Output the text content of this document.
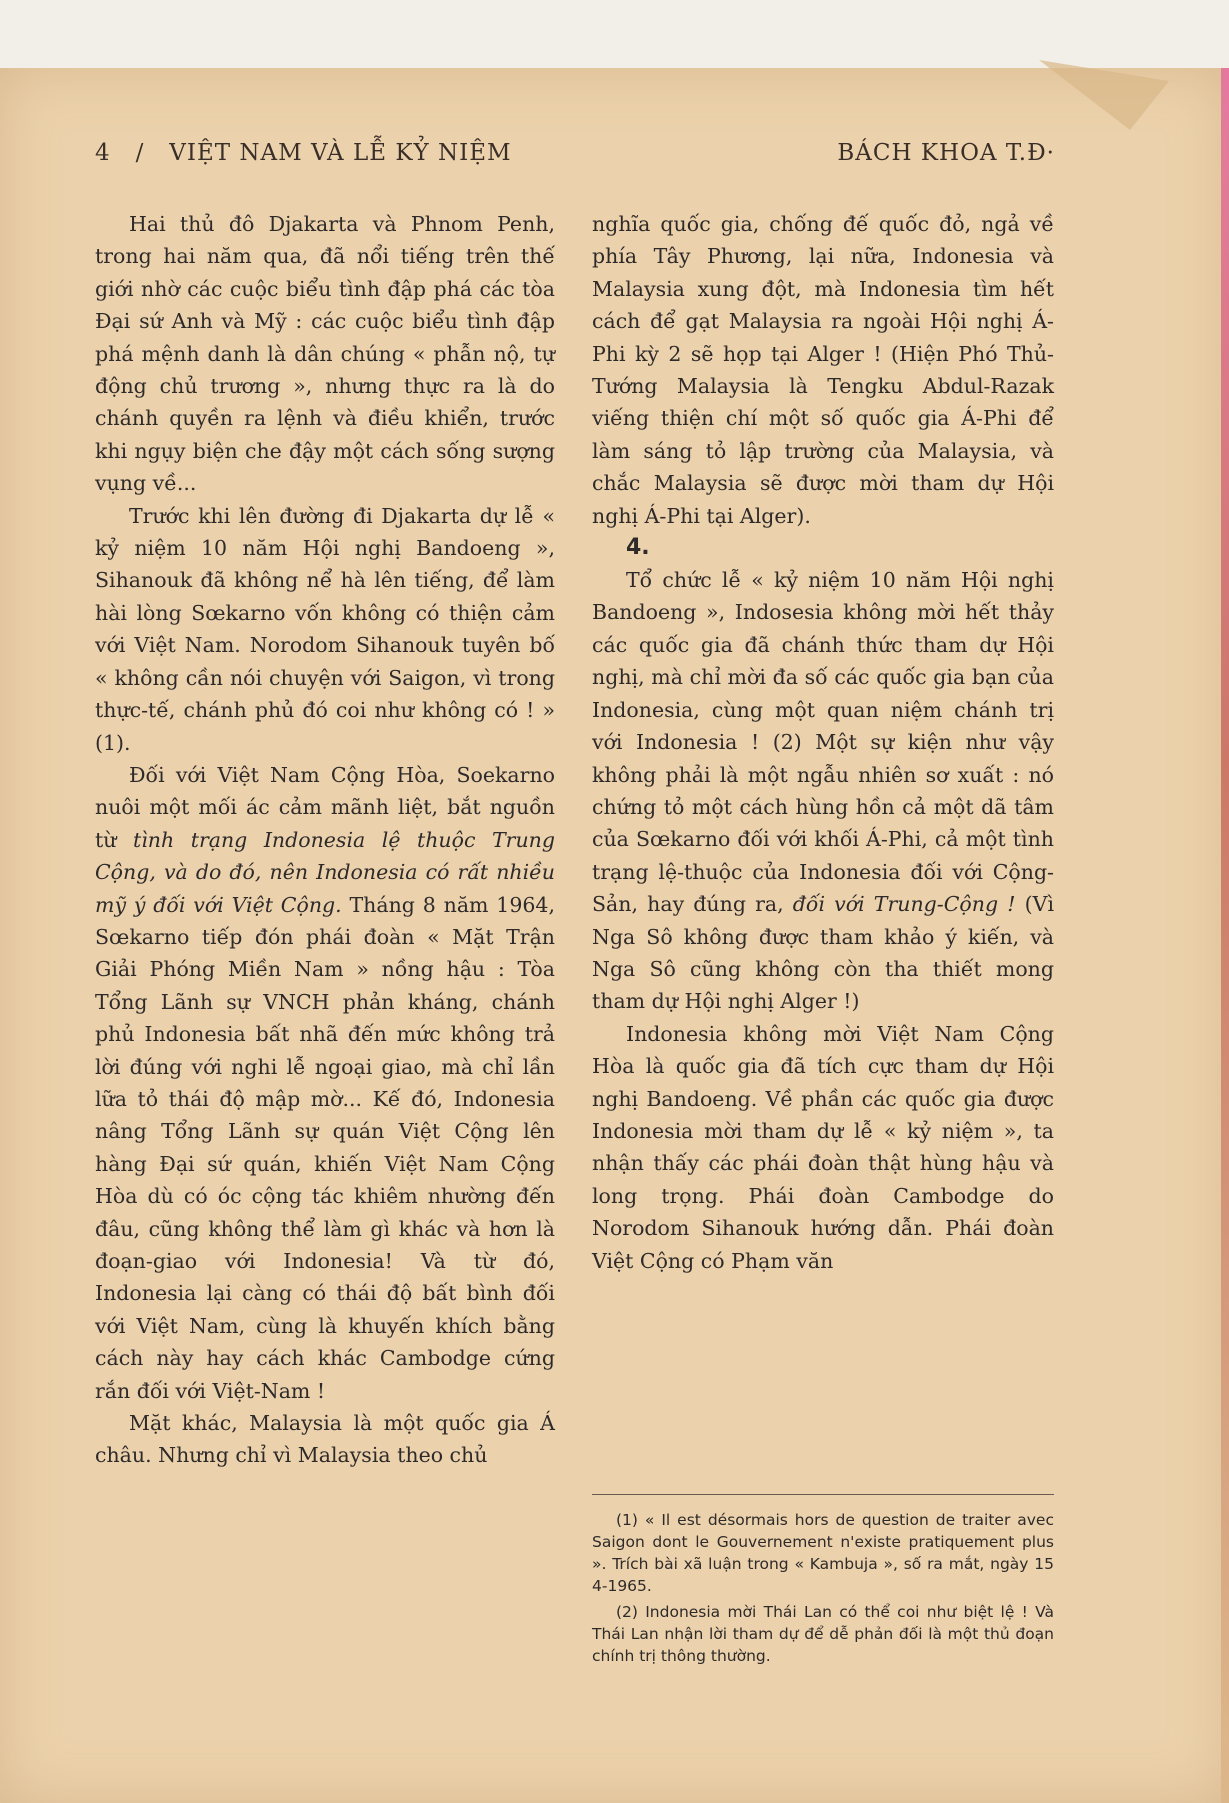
4 / VIỆT NAM VÀ LỄ KỶ NIỆM	BÁCH KHOA T.Đ·

Hai thủ đô Djakarta và Phnom Penh, trong hai năm qua, đã nổi tiếng trên thế giới nhờ các cuộc biểu tình đập phá các tòa Đại sứ Anh và Mỹ : các cuộc biểu tình đập phá mệnh danh là dân chúng « phẫn nộ, tự động chủ trương », nhưng thực ra là do chánh quyền ra lệnh và điều khiển, trước khi ngụy biện che đậy một cách sống sượng vụng về...

Trước khi lên đường đi Djakarta dự lễ « kỷ niệm 10 năm Hội nghị Bandoeng », Sihanouk đã không nể hà lên tiếng, để làm hài lòng Sœkarno vốn không có thiện cảm với Việt Nam. Norodom Sihanouk tuyên bố « không cần nói chuyện với Saigon, vì trong thực-tế, chánh phủ đó coi như không có ! » (1).

Đối với Việt Nam Cộng Hòa, Soekarno nuôi một mối ác cảm mãnh liệt, bắt nguồn từ tình trạng Indonesia lệ thuộc Trung Cộng, và do đó, nên Indonesia có rất nhiều mỹ ý đối với Việt Cộng. Tháng 8 năm 1964, Sœkarno tiếp đón phái đoàn « Mặt Trận Giải Phóng Miền Nam » nồng hậu : Tòa Tổng Lãnh sự VNCH phản kháng, chánh phủ Indonesia bất nhã đến mức không trả lời đúng với nghi lễ ngoại giao, mà chỉ lần lữa tỏ thái độ mập mờ... Kế đó, Indonesia nâng Tổng Lãnh sự quán Việt Cộng lên hàng Đại sứ quán, khiến Việt Nam Cộng Hòa dù có óc cộng tác khiêm nhường đến đâu, cũng không thể làm gì khác và hơn là đoạn-giao với Indonesia! Và từ đó, Indonesia lại càng có thái độ bất bình đối với Việt Nam, cùng là khuyến khích bằng cách này hay cách khác Cambodge cứng rắn đối với Việt-Nam !

Mặt khác, Malaysia là một quốc gia Á châu. Nhưng chỉ vì Malaysia theo chủ

nghĩa quốc gia, chống đế quốc đỏ, ngả về phía Tây Phương, lại nữa, Indonesia và Malaysia xung đột, mà Indonesia tìm hết cách để gạt Malaysia ra ngoài Hội nghị Á-Phi kỳ 2 sẽ họp tại Alger ! (Hiện Phó Thủ-Tướng Malaysia là Tengku Abdul-Razak viếng thiện chí một số quốc gia Á-Phi để làm sáng tỏ lập trường của Malaysia, và chắc Malaysia sẽ được mời tham dự Hội nghị Á-Phi tại Alger).

4.

Tổ chức lễ « kỷ niệm 10 năm Hội nghị Bandoeng », Indosesia không mời hết thảy các quốc gia đã chánh thức tham dự Hội nghị, mà chỉ mời đa số các quốc gia bạn của Indonesia, cùng một quan niệm chánh trị với Indonesia ! (2) Một sự kiện như vậy không phải là một ngẫu nhiên sơ xuất : nó chứng tỏ một cách hùng hồn cả một dã tâm của Sœkarno đối với khối Á-Phi, cả một tình trạng lệ-thuộc của Indonesia đối với Cộng-Sản, hay đúng ra, đối với Trung-Cộng ! (Vì Nga Sô không được tham khảo ý kiến, và Nga Sô cũng không còn tha thiết mong tham dự Hội nghị Alger !)

Indonesia không mời Việt Nam Cộng Hòa là quốc gia đã tích cực tham dự Hội nghị Bandoeng. Về phần các quốc gia được Indonesia mời tham dự lễ « kỷ niệm », ta nhận thấy các phái đoàn thật hùng hậu và long trọng. Phái đoàn Cambodge do Norodom Sihanouk hướng dẫn. Phái đoàn Việt Cộng có Phạm văn

(1) « Il est désormais hors de question de traiter avec Saigon dont le Gouvernement n'existe pratiquement plus ». Trích bài xã luận trong « Kambuja », số ra mắt, ngày 15 4-1965.

(2) Indonesia mời Thái Lan có thể coi như biệt lệ ! Và Thái Lan nhận lời tham dự để dễ phản đối là một thủ đoạn chính trị thông thường.
